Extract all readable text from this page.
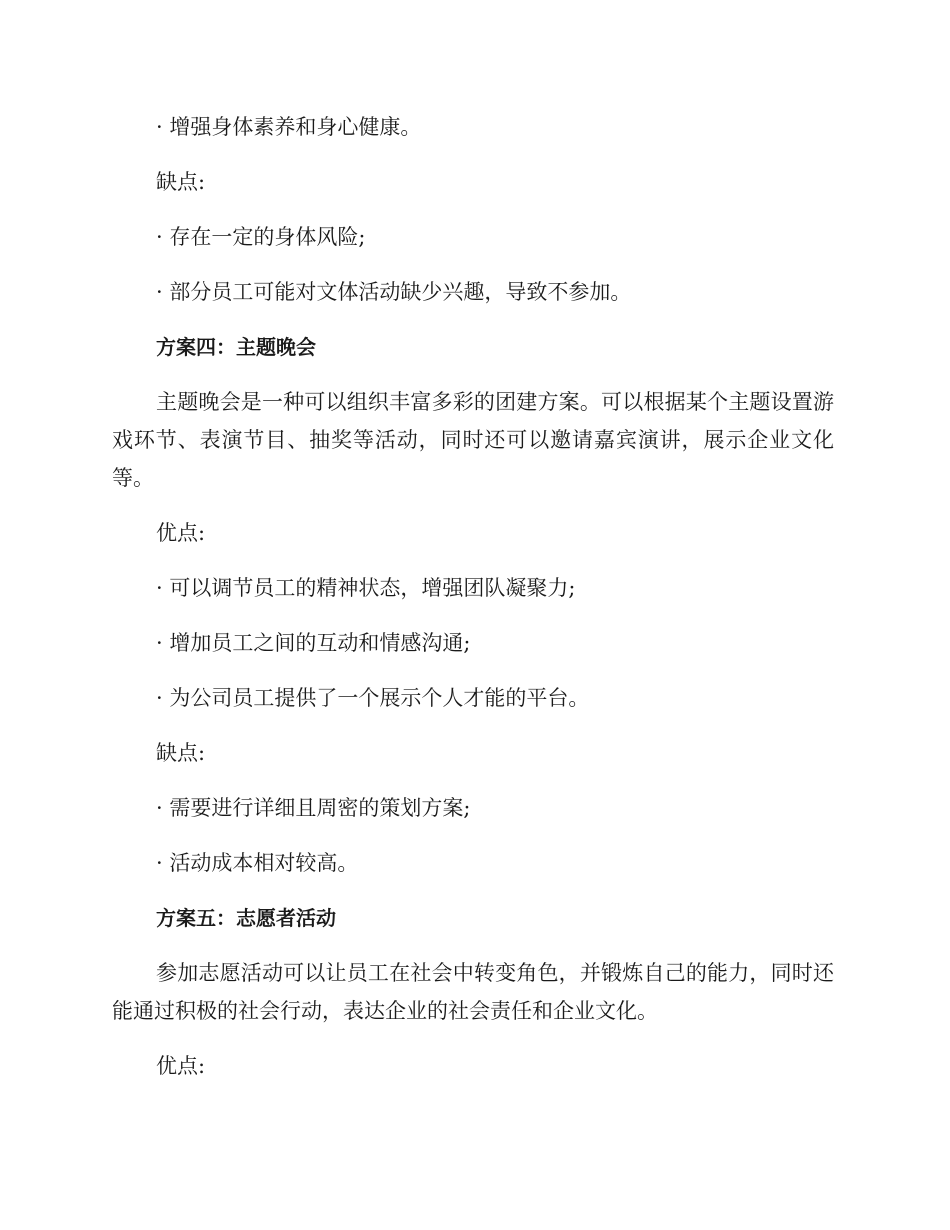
· 增强身体素养和身心健康。
缺点:
· 存在一定的身体风险;
· 部分员工可能对文体活动缺少兴趣，导致不参加。
方案四：主题晚会
主题晚会是一种可以组织丰富多彩的团建方案。可以根据某个主题设置游戏环节、表演节目、抽奖等活动，同时还可以邀请嘉宾演讲，展示企业文化等。
优点:
· 可以调节员工的精神状态，增强团队凝聚力;
· 增加员工之间的互动和情感沟通;
· 为公司员工提供了一个展示个人才能的平台。
缺点:
· 需要进行详细且周密的策划方案;
· 活动成本相对较高。
方案五：志愿者活动
参加志愿活动可以让员工在社会中转变角色，并锻炼自己的能力，同时还能通过积极的社会行动，表达企业的社会责任和企业文化。
优点:
